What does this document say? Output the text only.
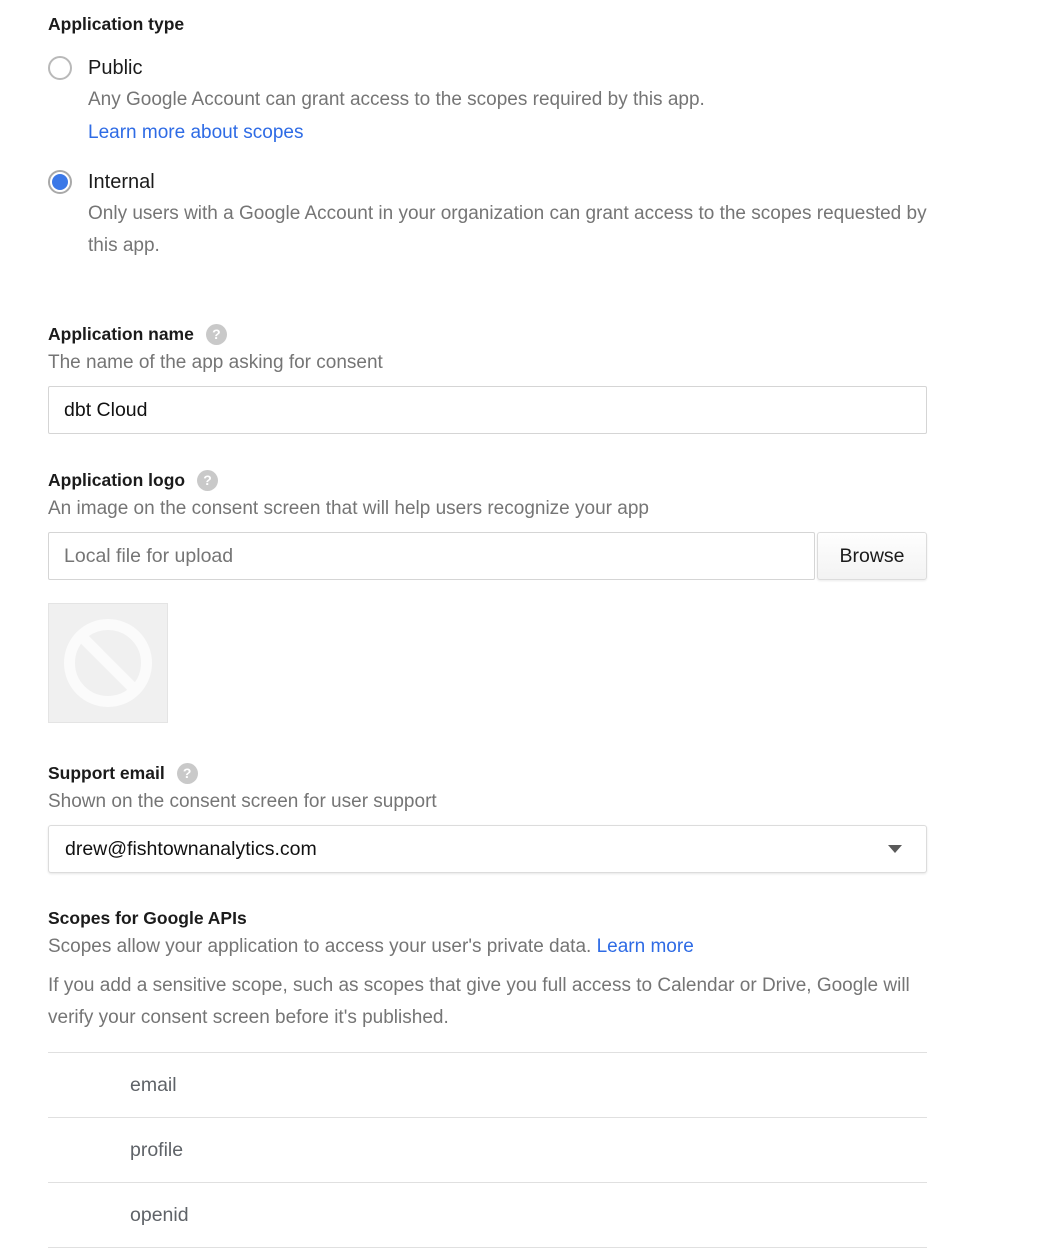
Application type
Public
Any Google Account can grant access to the scopes required by this app.
Learn more about scopes
Internal
Only users with a Google Account in your organization can grant access to the scopes requested by this app.
Application name	?
The name of the app asking for consent
dbt Cloud
Application logo	?
An image on the consent screen that will help users recognize your app
Local file for upload
Browse
Support email	?
Shown on the consent screen for user support
drew@fishtownanalytics.com
Scopes for Google APIs
Scopes allow your application to access your user's private data. Learn more
If you add a sensitive scope, such as scopes that give you full access to Calendar or Drive, Google will verify your consent screen before it's published.
email
profile
openid
